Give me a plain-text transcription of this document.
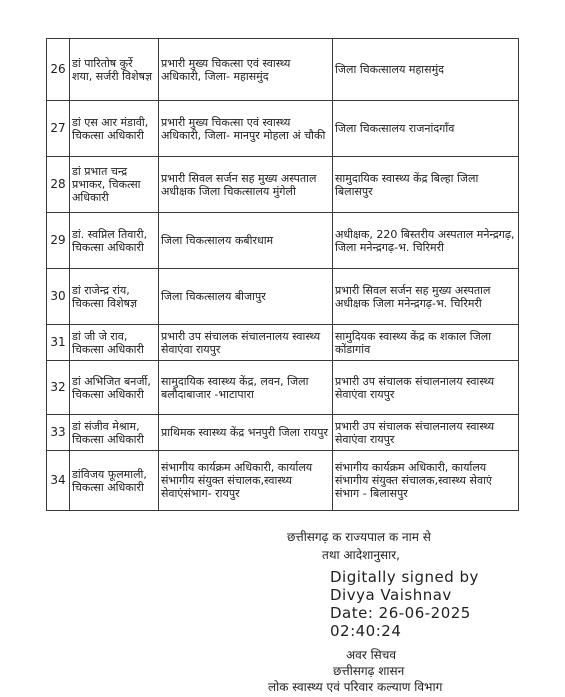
26	डां पारितोष कुर्रे शया, सर्जरी विशेषज्ञ	प्रभारी मुख्य चिकत्सा एवं स्वास्थ्य अधिकारी, जिला- महासमुंद	जिला चिकत्सालय महासमुंद
27	डां एस आर मंडावी, चिकत्सा अधिकारी	प्रभारी मुख्य चिकत्सा एवं स्वास्थ्य अधिकारी, जिला- मानपुर मोहला अं चौकी	जिला चिकत्सालय राजनांदगाँव
28	डां प्रभात चन्द्र प्रभाकर, चिकत्सा अधिकारी	प्रभारी सिवल सर्जन सह मुख्य अस्पताल अधीक्षक जिला चिकत्सालय मुंगेली	सामुदायिक स्वास्थ्य केंद्र बिल्हा जिला बिलासपुर
29	डां. स्वप्निल तिवारी, चिकत्सा अधिकारी	जिला चिकत्सालय कबीरधाम	अधीक्षक, 220 बिस्तरीय अस्पताल मनेन्द्रगढ़, जिला मनेन्द्रगढ़-भ. चिरिमरी
30	डां राजेन्द्र रांय, चिकत्सा विशेषज्ञ	जिला चिकत्सालय बीजापुर	प्रभारी सिवल सर्जन सह मुख्य अस्पताल अधीक्षक जिला मनेन्द्रगढ़-भ. चिरिमरी
31	डां जी जे राव, चिकत्सा अधिकारी	प्रभारी उप संचालक संचालनालय स्वास्थ्य सेवाएंवा रायपुर	सामुदियक स्वास्थ्य केंद्र क शकाल जिला कोंडागांव
32	डां अभिजित बनर्जी, चिकत्सा अधिकारी	सामुदायिक स्वास्थ्य केंद्र, लवन, जिला बलौदाबाजार -भाटापारा	प्रभारी उप संचालक संचालनालय स्वास्थ्य सेवाएंवा रायपुर
33	डां संजीव मेश्राम, चिकत्सा अधिकारी	प्राथिमक स्वास्थ्य केंद्र भनपुरी जिला रायपुर	प्रभारी उप संचालक संचालनालय स्वास्थ्य सेवाएंवा रायपुर
34	डांविजय फूलमाली, चिकत्सा अधिकारी	संभागीय कार्यक्रम अधिकारी, कार्यालय संभागीय संयुक्त संचालक,स्वास्थ्य सेवाएंसंभाग- रायपुर	संभागीय कार्यक्रम अधिकारी, कार्यालय संभागीय संयुक्त संचालक,स्वास्थ्य सेवाएं संभाग - बिलासपुर
छत्तीसगढ़ क राज्यपाल क नाम से
तथा आदेशानुसार,
Digitally signed by
Divya Vaishnav
Date: 26-06-2025
02:40:24
अवर सिचव
छत्तीसगढ़ शासन
लोक स्वास्थ्य एवं परिवार कल्याण विभाग
